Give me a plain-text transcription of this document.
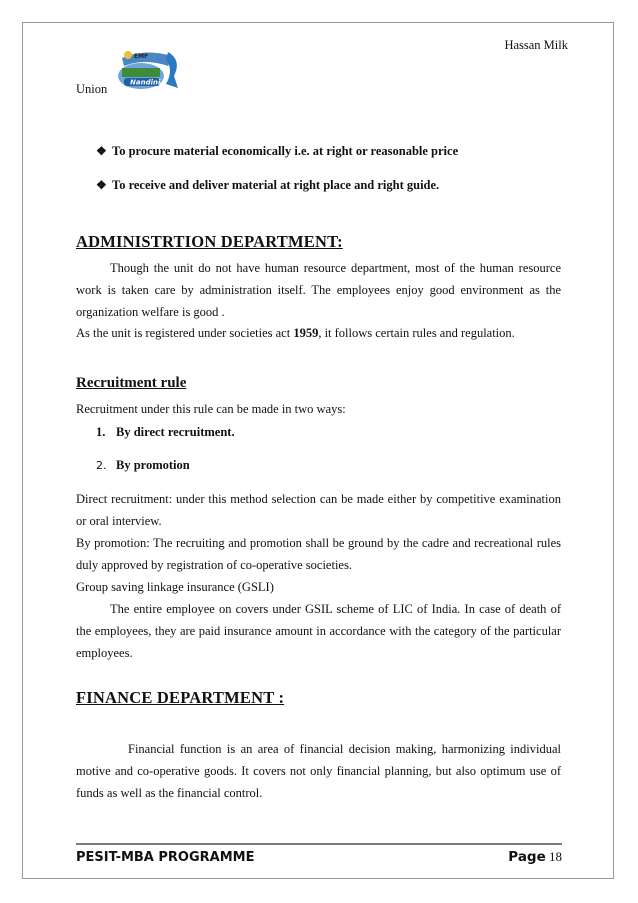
Hassan Milk
Union
EMF
Nandini
❖ To procure material economically i.e. at right or reasonable price
❖ To receive and deliver material at right place and right guide.
ADMINISTRTION DEPARTMENT:
Though the unit do not have human resource department, most of the human resource work is taken care by administration itself. The employees enjoy good environment as the organization welfare is good .
As the unit is registered under societies act 1959, it follows certain rules and regulation.
Recruitment rule
Recruitment under this rule can be made in two ways:
1. By direct recruitment.
2. By promotion
Direct recruitment: under this method selection can be made either by competitive examination or oral interview.
By promotion: The recruiting and promotion shall be ground by the cadre and recreational rules duly approved by registration of co-operative societies.
Group saving linkage insurance (GSLI)
The entire employee on covers under GSIL scheme of LIC of India. In case of death of the employees, they are paid insurance amount in accordance with the category of the particular employees.
FINANCE DEPARTMENT :
Financial function is an area of financial decision making, harmonizing individual motive and co-operative goods. It covers not only financial planning, but also optimum use of funds as well as the financial control.
PESIT-MBA PROGRAMME	Page 18
